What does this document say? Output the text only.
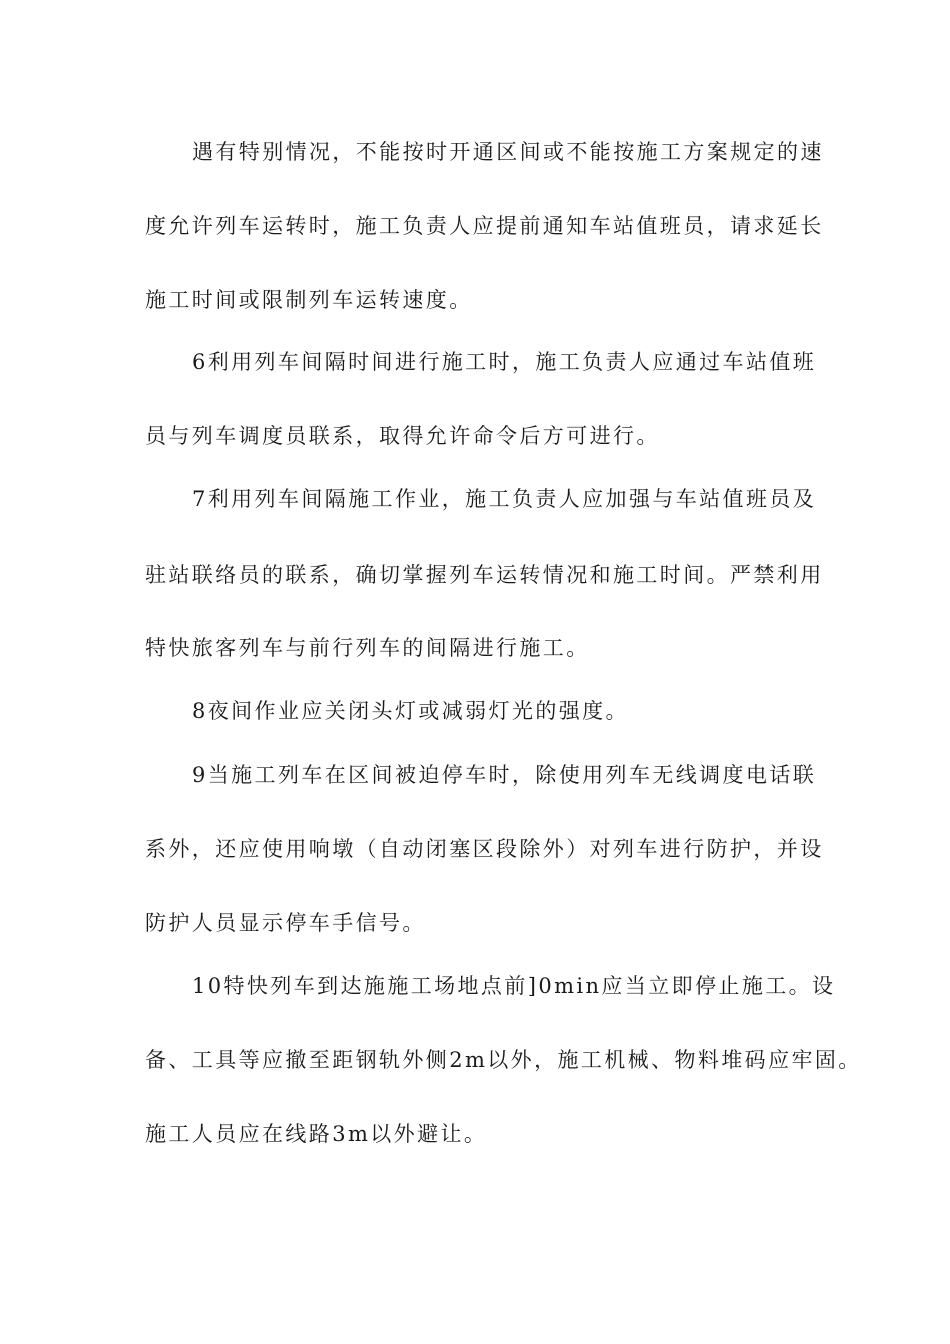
遇有特别情况，不能按时开通区间或不能按施工方案规定的速
度允许列车运转时，施工负责人应提前通知车站值班员，请求延长
施工时间或限制列车运转速度。
6利用列车间隔时间进行施工时，施工负责人应通过车站值班
员与列车调度员联系，取得允许命令后方可进行。
7利用列车间隔施工作业，施工负责人应加强与车站值班员及
驻站联络员的联系，确切掌握列车运转情况和施工时间。严禁利用
特快旅客列车与前行列车的间隔进行施工。
8夜间作业应关闭头灯或减弱灯光的强度。
9当施工列车在区间被迫停车时，除使用列车无线调度电话联
系外，还应使用响墩（自动闭塞区段除外）对列车进行防护，并设
防护人员显示停车手信号。
10特快列车到达施施工场地点前]0min应当立即停止施工。设
备、工具等应撤至距钢轨外侧2m以外，施工机械、物料堆码应牢固。
施工人员应在线路3m以外避让。
